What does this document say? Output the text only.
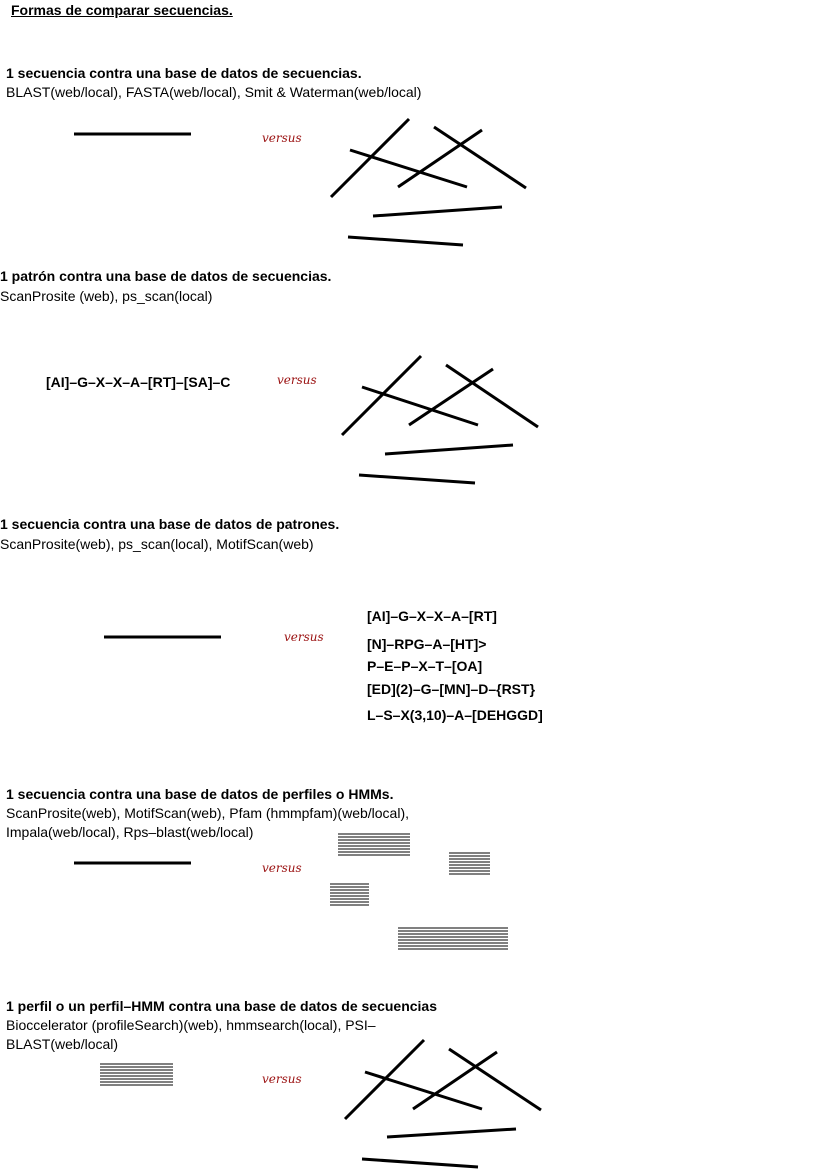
Formas de comparar secuencias.
1 secuencia contra una base de datos de secuencias.
BLAST(web/local), FASTA(web/local), Smit & Waterman(web/local)
versus
1 patrón contra una base de datos de secuencias.
ScanProsite (web), ps_scan(local)
[AI]–G–X–X–A–[RT]–[SA]–C	versus
1 secuencia contra una base de datos de patrones.
ScanProsite(web), ps_scan(local), MotifScan(web)
versus
[AI]–G–X–X–A–[RT]
[N]–RPG–A–[HT]>
P–E–P–X–T–[OA]
[ED](2)–G–[MN]–D–{RST}
L–S–X(3,10)–A–[DEHGGD]
1 secuencia contra una base de datos de perfiles o HMMs.
ScanProsite(web), MotifScan(web), Pfam (hmmpfam)(web/local),
Impala(web/local), Rps–blast(web/local)
versus
1 perfil o un perfil–HMM contra una base de datos de secuencias
Bioccelerator (profileSearch)(web), hmmsearch(local), PSI–
BLAST(web/local)
versus
